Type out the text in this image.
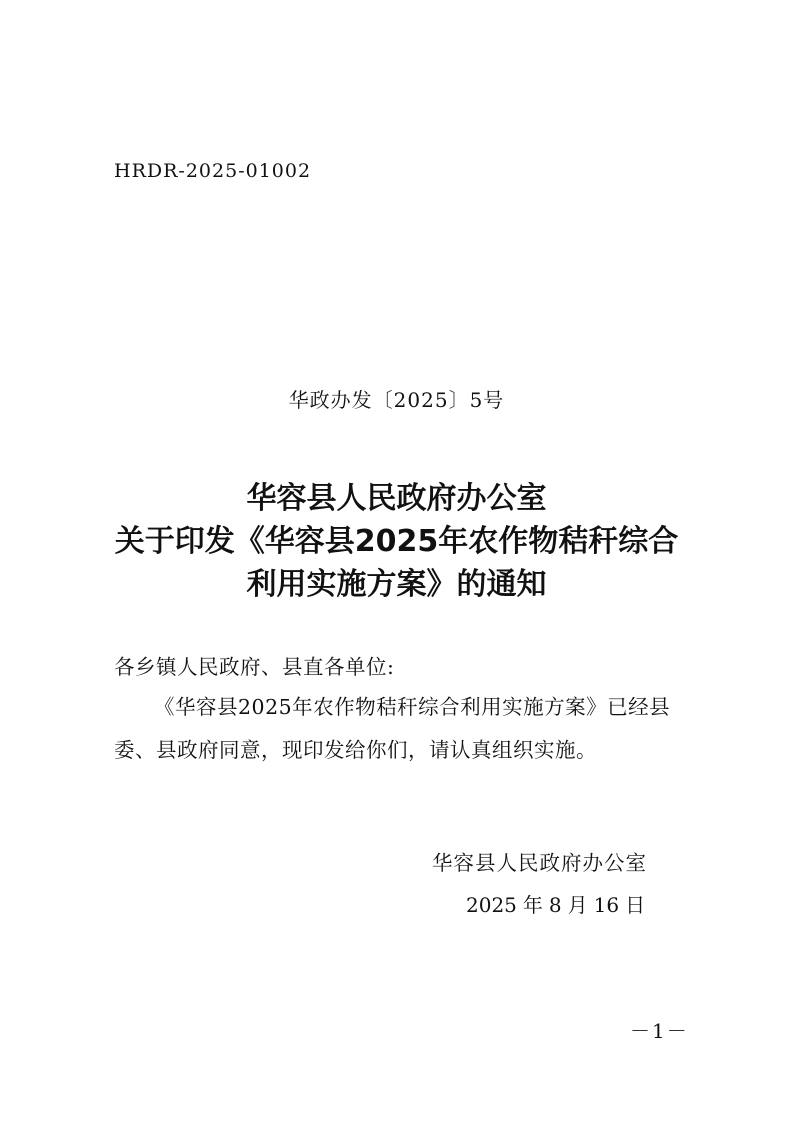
HRDR-2025-01002
华政办发〔2025〕5号
华容县人民政府办公室
关于印发《华容县2025年农作物秸秆综合
利用实施方案》的通知
各乡镇人民政府、县直各单位:
《华容县2025年农作物秸秆综合利用实施方案》已经县
委、县政府同意，现印发给你们，请认真组织实施。
华容县人民政府办公室
2025 年 8 月 16 日
－1－
